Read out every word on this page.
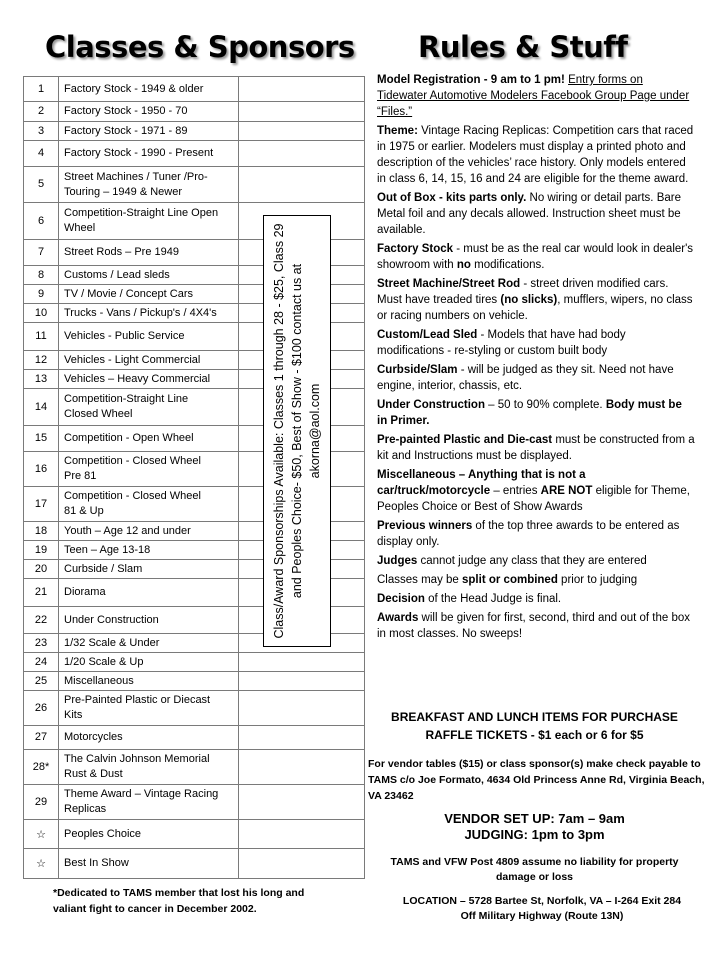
Classes & Sponsors Rules & Stuff
1	Factory Stock - 1949 & older	
2	Factory Stock - 1950 - 70	
3	Factory Stock - 1971 - 89	
4	Factory Stock - 1990 - Present	
5	Street Machines / Tuner /Pro-
Touring – 1949 & Newer	
6	Competition-Straight Line Open
Wheel	
7	Street Rods – Pre 1949	
8	Customs / Lead sleds	
9	TV / Movie / Concept Cars	
10	Trucks - Vans / Pickup's / 4X4's	
11	Vehicles - Public Service	
12	Vehicles - Light Commercial	
13	Vehicles – Heavy Commercial	
14	Competition-Straight Line
Closed Wheel	
15	Competition - Open Wheel	
16	Competition - Closed Wheel
Pre 81	
17	Competition - Closed Wheel
81 & Up	
18	Youth – Age 12 and under	
19	Teen – Age 13-18	
20	Curbside / Slam	
21	Diorama	
22	Under Construction	
23	1/32 Scale & Under	
24	1/20 Scale & Up	
25	Miscellaneous	
26	Pre-Painted Plastic or Diecast
Kits	
27	Motorcycles	
28*	The Calvin Johnson Memorial
Rust & Dust	
29	Theme Award – Vintage Racing
Replicas	
☆	Peoples Choice	
☆	Best In Show	
Class/Award Sponsorships Available: Classes 1 through 28 - $25, Class 29 and Peoples Choice- $50, Best of Show - $100 contact us at akorna@aol.com
*Dedicated to TAMS member that lost his long and valiant fight to cancer in December 2002.
Model Registration - 9 am to 1 pm! Entry forms on Tidewater Automotive Modelers Facebook Group Page under “Files.”
Theme: Vintage Racing Replicas: Competition cars that raced in 1975 or earlier. Modelers must display a printed photo and description of the vehicles’ race history. Only models entered in class 6, 14, 15, 16 and 24 are eligible for the theme award.
Out of Box - kits parts only. No wiring or detail parts. Bare Metal foil and any decals allowed. Instruction sheet must be available.
Factory Stock - must be as the real car would look in dealer's showroom with no modifications.
Street Machine/Street Rod - street driven modified cars. Must have treaded tires (no slicks), mufflers, wipers, no class or racing numbers on vehicle.
Custom/Lead Sled - Models that have had body modifications - re-styling or custom built body
Curbside/Slam - will be judged as they sit. Need not have engine, interior, chassis, etc.
Under Construction – 50 to 90% complete. Body must be in Primer.
Pre-painted Plastic and Die-cast must be constructed from a kit and Instructions must be displayed.
Miscellaneous – Anything that is not a car/truck/motorcycle – entries ARE NOT eligible for Theme, Peoples Choice or Best of Show Awards
Previous winners of the top three awards to be entered as display only.
Judges cannot judge any class that they are entered
Classes may be split or combined prior to judging
Decision of the Head Judge is final.
Awards will be given for first, second, third and out of the box in most classes. No sweeps!
BREAKFAST AND LUNCH ITEMS FOR PURCHASE
RAFFLE TICKETS - $1 each or 6 for $5
For vendor tables ($15) or class sponsor(s) make check payable to TAMS c/o Joe Formato, 4634 Old Princess Anne Rd, Virginia Beach, VA 23462
VENDOR SET UP: 7am – 9am
JUDGING: 1pm to 3pm
TAMS and VFW Post 4809 assume no liability for property damage or loss
LOCATION – 5728 Bartee St, Norfolk, VA – I-264 Exit 284
Off Military Highway (Route 13N)
